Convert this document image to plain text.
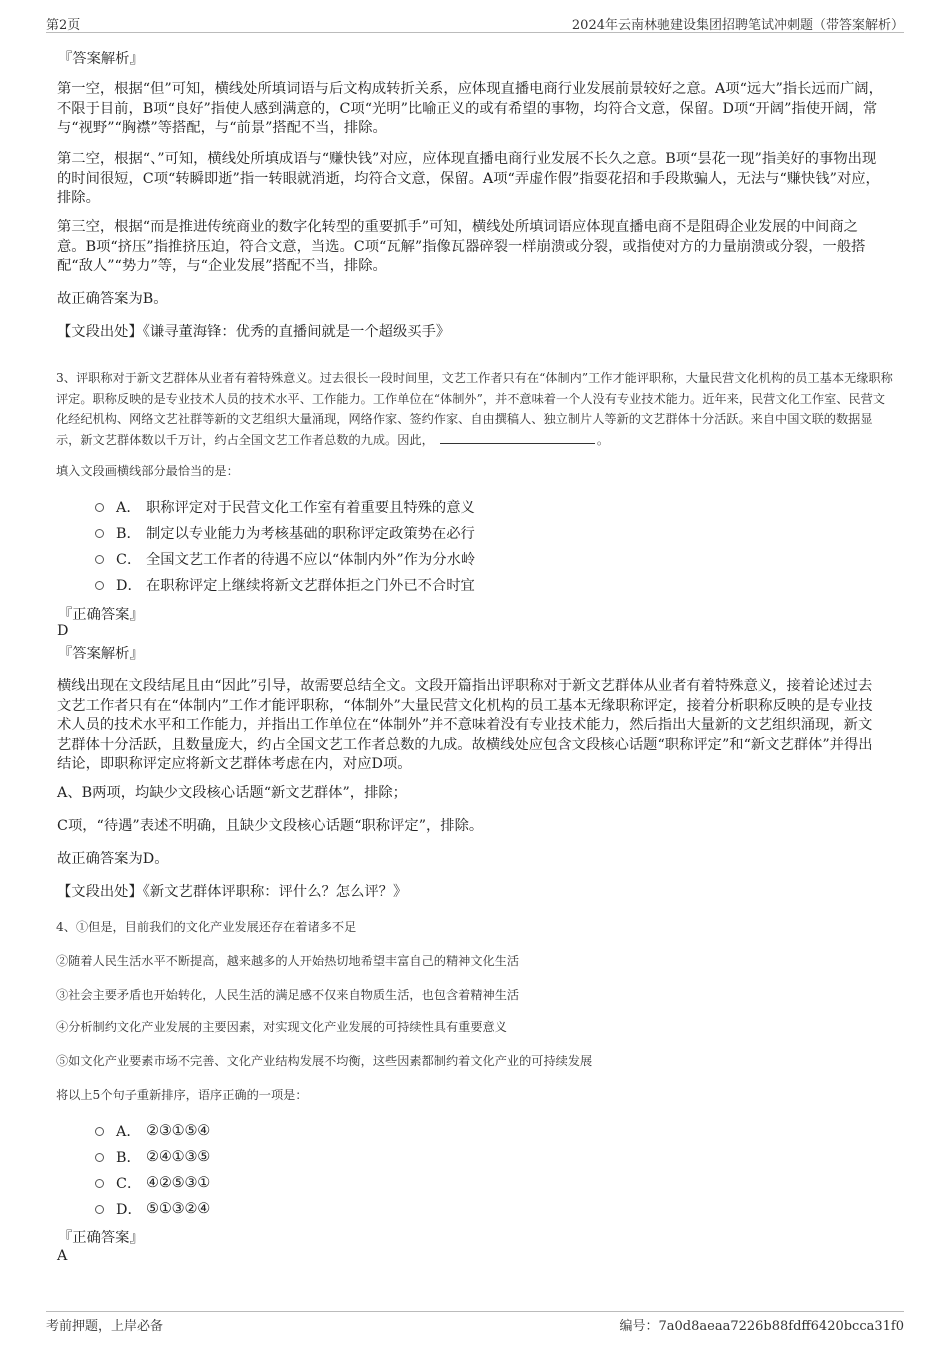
第2页	2024年云南林驰建设集团招聘笔试冲刺题（带答案解析）
『答案解析』

第一空，根据“但”可知，横线处所填词语与后文构成转折关系，应体现直播电商行业发展前景较好之意。A项“远大”指长远而广阔，不限于目前，B项“良好”指使人感到满意的，C项“光明”比喻正义的或有希望的事物，均符合文意，保留。D项“开阔”指使开阔，常与“视野”“胸襟”等搭配，与“前景”搭配不当，排除。

第二空，根据“、”可知，横线处所填成语与“赚快钱”对应，应体现直播电商行业发展不长久之意。B项“昙花一现”指美好的事物出现的时间很短，C项“转瞬即逝”指一转眼就消逝，均符合文意，保留。A项“弄虚作假”指耍花招和手段欺骗人，无法与“赚快钱”对应，排除。

第三空，根据“而是推进传统商业的数字化转型的重要抓手”可知，横线处所填词语应体现直播电商不是阻碍企业发展的中间商之意。B项“挤压”指推挤压迫，符合文意，当选。C项“瓦解”指像瓦器碎裂一样崩溃或分裂，或指使对方的力量崩溃或分裂，一般搭配“敌人”“势力”等，与“企业发展”搭配不当，排除。

故正确答案为B。

【文段出处】《谦寻董海锋：优秀的直播间就是一个超级买手》

3、评职称对于新文艺群体从业者有着特殊意义。过去很长一段时间里，文艺工作者只有在“体制内”工作才能评职称，大量民营文化机构的员工基本无缘职称评定。职称反映的是专业技术人员的技术水平、工作能力。工作单位在“体制外”，并不意味着一个人没有专业技术能力。近年来，民营文化工作室、民营文化经纪机构、网络文艺社群等新的文艺组织大量涌现，网络作家、签约作家、自由撰稿人、独立制片人等新的文艺群体十分活跃。来自中国文联的数据显示，新文艺群体数以千万计，约占全国文艺工作者总数的九成。因此，	。

填入文段画横线部分最恰当的是：

A． 职称评定对于民营文化工作室有着重要且特殊的意义
B． 制定以专业能力为考核基础的职称评定政策势在必行
C． 全国文艺工作者的待遇不应以“体制内外”作为分水岭
D． 在职称评定上继续将新文艺群体拒之门外已不合时宜
『正确答案』
D
『答案解析』

横线出现在文段结尾且由“因此”引导，故需要总结全文。文段开篇指出评职称对于新文艺群体从业者有着特殊意义，接着论述过去文艺工作者只有在“体制内”工作才能评职称，“体制外”大量民营文化机构的员工基本无缘职称评定，接着分析职称反映的是专业技术人员的技术水平和工作能力，并指出工作单位在“体制外”并不意味着没有专业技术能力，然后指出大量新的文艺组织涌现，新文艺群体十分活跃，且数量庞大，约占全国文艺工作者总数的九成。故横线处应包含文段核心话题“职称评定”和“新文艺群体”并得出结论，即职称评定应将新文艺群体考虑在内，对应D项。

A、B两项，均缺少文段核心话题“新文艺群体”，排除；

C项，“待遇”表述不明确，且缺少文段核心话题“职称评定”，排除。

故正确答案为D。

【文段出处】《新文艺群体评职称：评什么？怎么评？》

4、①但是，目前我们的文化产业发展还存在着诸多不足

②随着人民生活水平不断提高，越来越多的人开始热切地希望丰富自己的精神文化生活

③社会主要矛盾也开始转化，人民生活的满足感不仅来自物质生活，也包含着精神生活

④分析制约文化产业发展的主要因素，对实现文化产业发展的可持续性具有重要意义

⑤如文化产业要素市场不完善、文化产业结构发展不均衡，这些因素都制约着文化产业的可持续发展

将以上5个句子重新排序，语序正确的一项是：

A． ②③①⑤④
B． ②④①③⑤
C． ④②⑤③①
D． ⑤①③②④
『正确答案』
A
考前押题，上岸必备	编号：7a0d8aeaa7226b88fdff6420bcca31f0
